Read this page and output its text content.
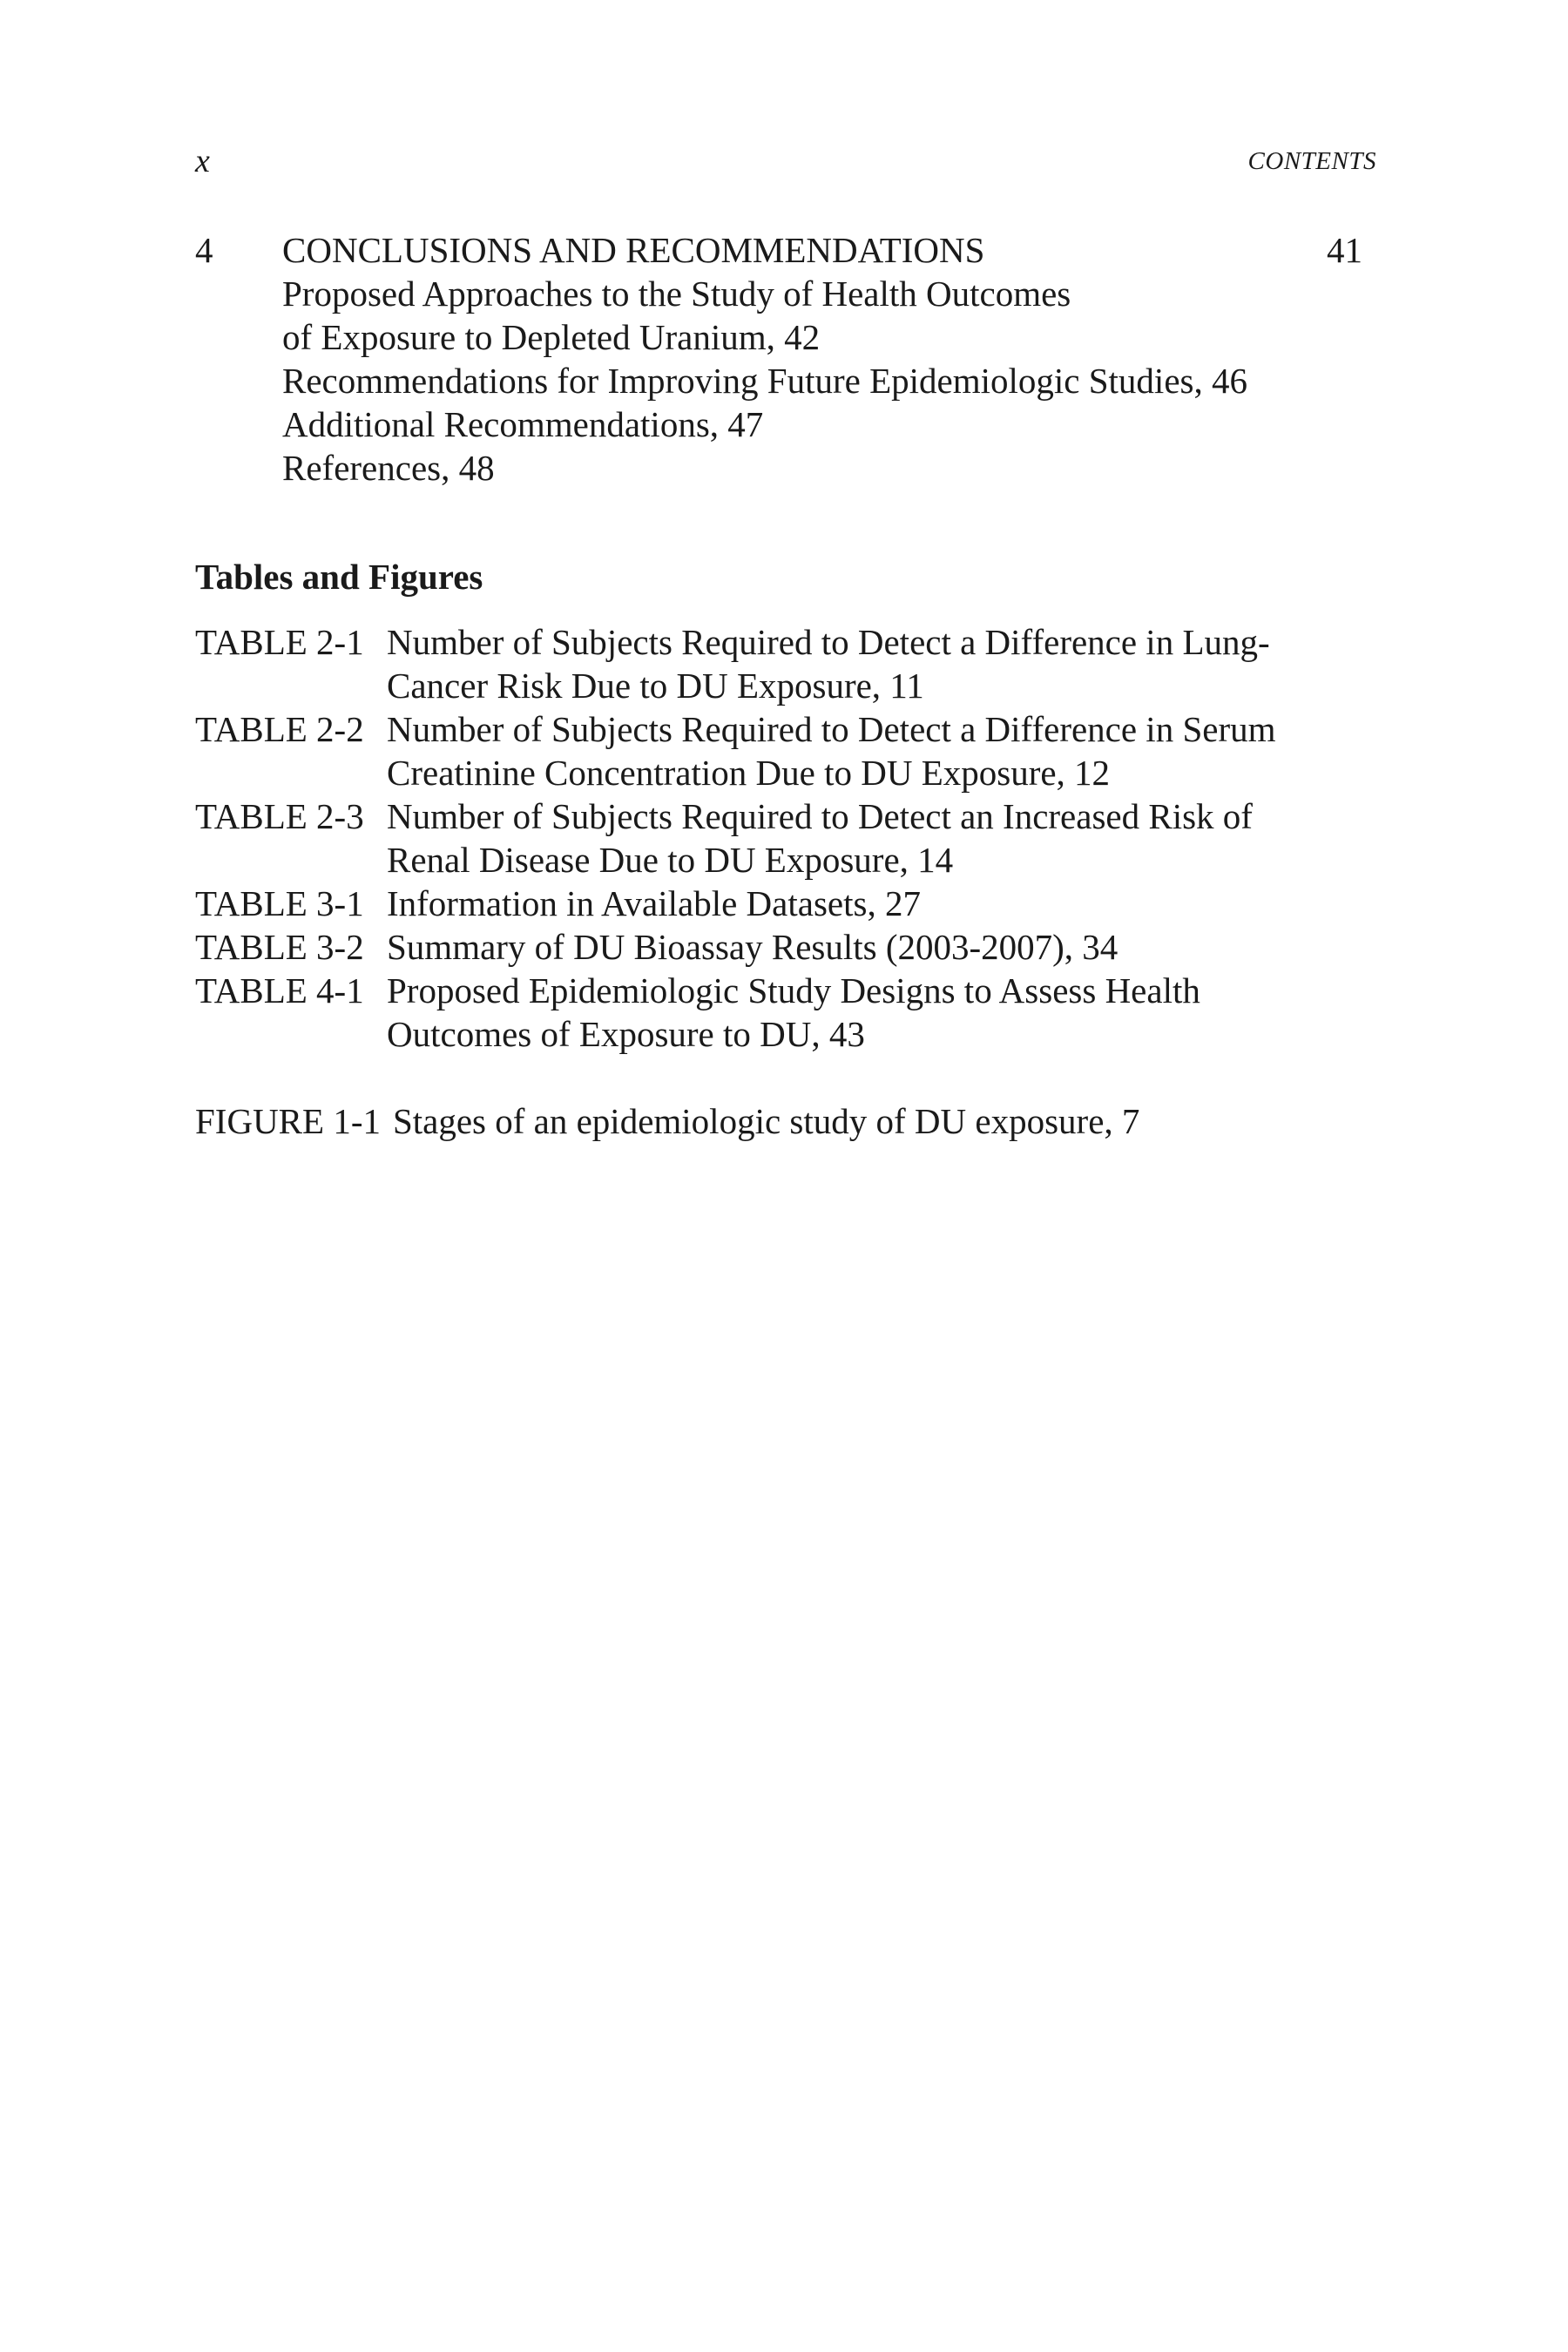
x	CONTENTS
4 CONCLUSIONS AND RECOMMENDATIONS	41
Proposed Approaches to the Study of Health Outcomes
of Exposure to Depleted Uranium, 42
Recommendations for Improving Future Epidemiologic Studies, 46
Additional Recommendations, 47
References, 48
Tables and Figures
TABLE 2-1 Number of Subjects Required to Detect a Difference in Lung-
Cancer Risk Due to DU Exposure, 11
TABLE 2-2 Number of Subjects Required to Detect a Difference in Serum
Creatinine Concentration Due to DU Exposure, 12
TABLE 2-3 Number of Subjects Required to Detect an Increased Risk of
Renal Disease Due to DU Exposure, 14
TABLE 3-1 Information in Available Datasets, 27
TABLE 3-2 Summary of DU Bioassay Results (2003-2007), 34
TABLE 4-1 Proposed Epidemiologic Study Designs to Assess Health
Outcomes of Exposure to DU, 43
FIGURE 1-1 Stages of an epidemiologic study of DU exposure, 7
